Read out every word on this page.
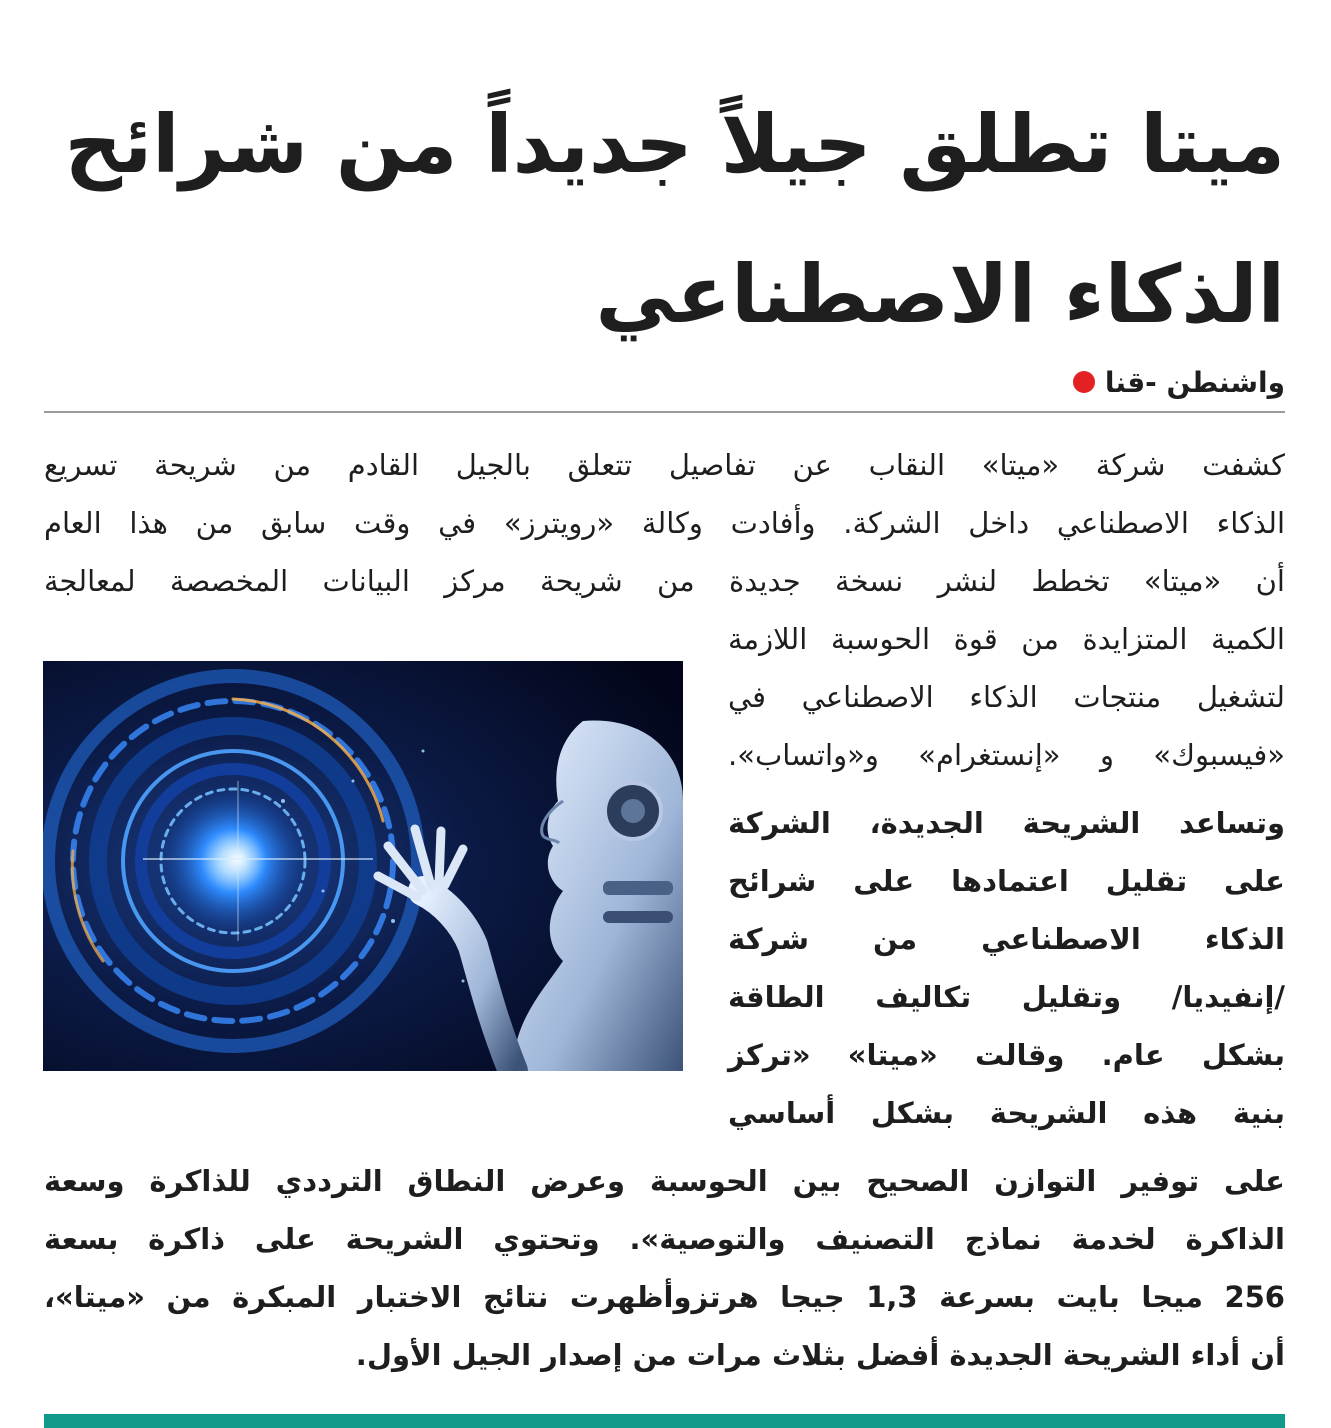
ميتا تطلق جيلاً جديداً من شرائح الذكاء الاصطناعي
واشنطن -قنا
كشفت شركة «ميتا» النقاب عن تفاصيل تتعلق بالجيل القادم من شريحة تسريع
الذكاء الاصطناعي داخل الشركة. وأفادت وكالة «رويترز» في وقت سابق من هذا العام
أن «ميتا» تخطط لنشر نسخة جديدة من شريحة مركز البيانات المخصصة لمعالجة
الكمية المتزايدة من قوة الحوسبة اللازمة
لتشغيل منتجات الذكاء الاصطناعي في
«فيسبوك» و «إنستغرام» و«واتساب».
وتساعد الشريحة الجديدة، الشركة
على تقليل اعتمادها على شرائح
الذكاء الاصطناعي من شركة
/إنفيديا/ وتقليل تكاليف الطاقة
بشكل عام. وقالت «ميتا» «تركز
بنية هذه الشريحة بشكل أساسي
على توفير التوازن الصحيح بين الحوسبة وعرض النطاق الترددي للذاكرة وسعة
الذاكرة لخدمة نماذج التصنيف والتوصية». وتحتوي الشريحة على ذاكرة بسعة
256 ميجا بايت بسرعة 1,3 جيجا هرتزوأظهرت نتائج الاختبار المبكرة من «ميتا»،
أن أداء الشريحة الجديدة أفضل بثلاث مرات من إصدار الجيل الأول.
